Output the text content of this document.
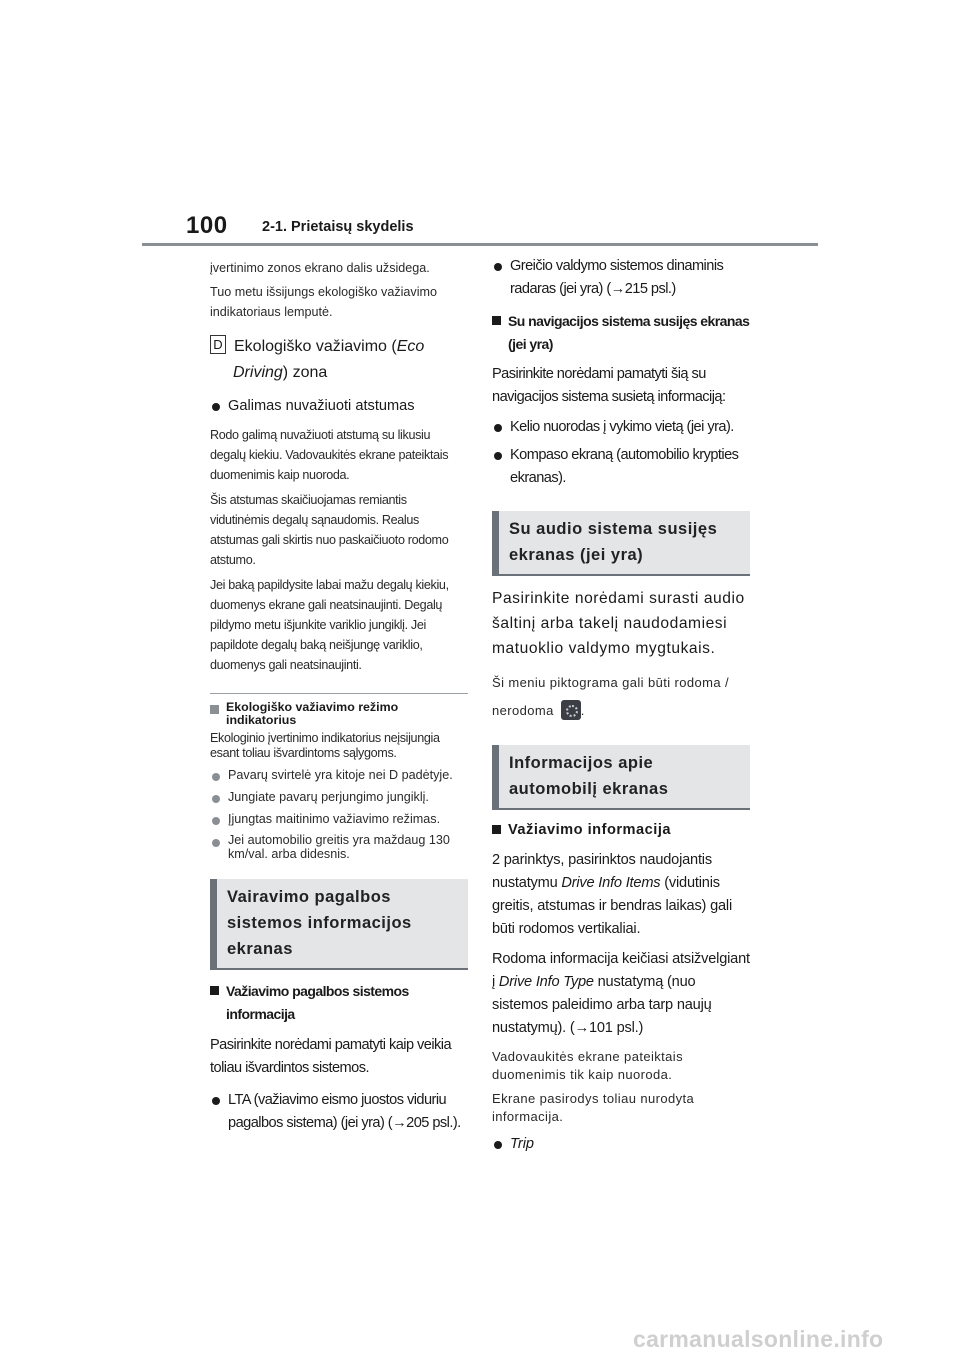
100 2-1. Prietaisų skydelis

įvertinimo zonos ekrano dalis užsidega.

Tuo metu išsijungs ekologiško važiavimo indikatoriaus lemputė.

D Ekologiško važiavimo (Eco
Driving) zona

Galimas nuvažiuoti atstumas

Rodo galimą nuvažiuoti atstumą su likusiu degalų kiekiu. Vadovaukitės ekrane pateiktais duomenimis kaip nuoroda.

Šis atstumas skaičiuojamas remiantis vidutinėmis degalų sąnaudomis. Realus atstumas gali skirtis nuo paskaičiuoto rodomo atstumo.

Jei baką papildysite labai mažu degalų kiekiu, duomenys ekrane gali neatsinaujinti. Degalų pildymo metu išjunkite variklio jungiklį. Jei papildote degalų baką neišjungę variklio, duomenys gali neatsinaujinti.

Ekologiško važiavimo režimo indikatorius

Ekologinio įvertinimo indikatorius neįsijungia esant toliau išvardintoms sąlygoms.

Pavarų svirtelė yra kitoje nei D padėtyje.

Jungiate pavarų perjungimo jungiklį.

Įjungtas maitinimo važiavimo režimas.

Jei automobilio greitis yra maždaug 130 km/val. arba didesnis.

Vairavimo pagalbos sistemos informacijos ekranas

Važiavimo pagalbos sistemos informacija

Pasirinkite norėdami pamatyti kaip veikia toliau išvardintos sistemos.

LTA (važiavimo eismo juostos viduriu pagalbos sistema) (jei yra) (→205 psl.).

Greičio valdymo sistemos dinaminis radaras (jei yra) (→215 psl.)

Su navigacijos sistema susijęs ekranas (jei yra)

Pasirinkite norėdami pamatyti šią su navigacijos sistema susietą informaciją:

Kelio nuorodas į vykimo vietą (jei yra).

Kompaso ekraną (automobilio krypties ekranas).

Su audio sistema susijęs ekranas (jei yra)

Pasirinkite norėdami surasti audio šaltinį arba takelį naudodamiesi matuoklio valdymo mygtukais.

Ši meniu piktograma gali būti rodoma / nerodoma .

Informacijos apie automobilį ekranas

Važiavimo informacija

2 parinktys, pasirinktos naudojantis nustatymu Drive Info Items (vidutinis greitis, atstumas ir bendras laikas) gali būti rodomos vertikaliai.

Rodoma informacija keičiasi atsižvelgiant į Drive Info Type nustatymą (nuo sistemos paleidimo arba tarp naujų nustatymų). (→101 psl.)

Vadovaukitės ekrane pateiktais duomenimis tik kaip nuoroda.

Ekrane pasirodys toliau nurodyta informacija.

Trip

carmanualsonline.info
